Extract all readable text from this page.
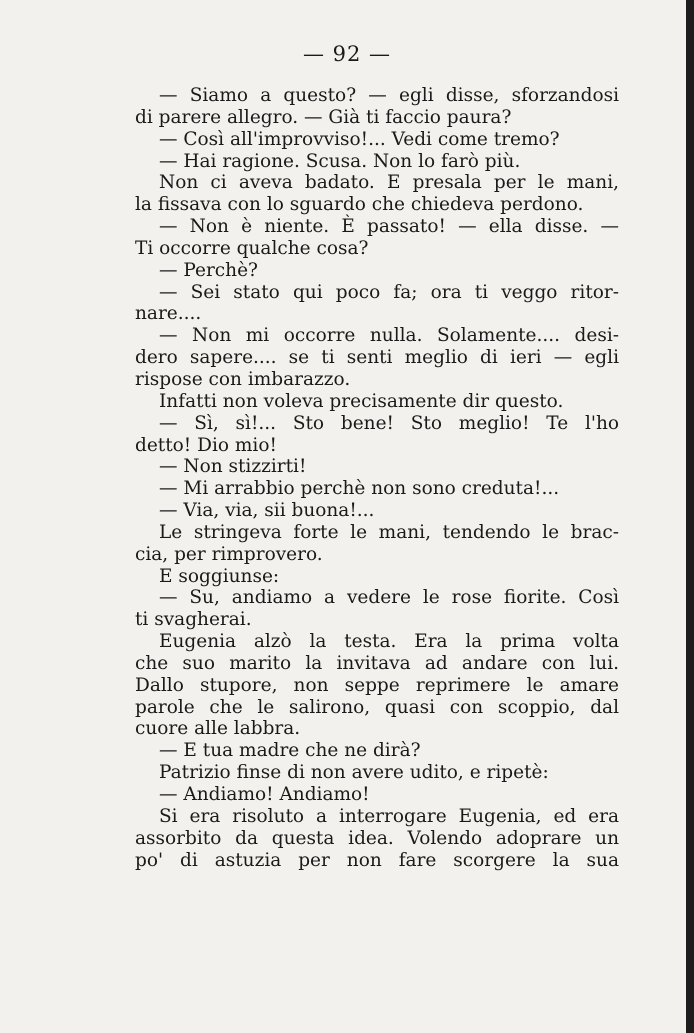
— 92 —
— Siamo a questo? — egli disse, sforzandosi
di parere allegro. — Già ti faccio paura?
— Così all'improvviso!... Vedi come tremo?
— Hai ragione. Scusa. Non lo farò più.
Non ci aveva badato. E presala per le mani,
la fissava con lo sguardo che chiedeva perdono.
— Non è niente. È passato! — ella disse. —
Ti occorre qualche cosa?
— Perchè?
— Sei stato qui poco fa; ora ti veggo ritor-
nare....
— Non mi occorre nulla. Solamente.... desi-
dero sapere.... se ti senti meglio di ieri — egli
rispose con imbarazzo.
Infatti non voleva precisamente dir questo.
— Sì, sì!... Sto bene! Sto meglio! Te l'ho
detto! Dio mio!
— Non stizzirti!
— Mi arrabbio perchè non sono creduta!...
— Via, via, sii buona!...
Le stringeva forte le mani, tendendo le brac-
cia, per rimprovero.
E soggiunse:
— Su, andiamo a vedere le rose fiorite. Così
ti svagherai.
Eugenia alzò la testa. Era la prima volta
che suo marito la invitava ad andare con lui.
Dallo stupore, non seppe reprimere le amare
parole che le salirono, quasi con scoppio, dal
cuore alle labbra.
— E tua madre che ne dirà?
Patrizio finse di non avere udito, e ripetè:
— Andiamo! Andiamo!
Si era risoluto a interrogare Eugenia, ed era
assorbito da questa idea. Volendo adoprare un
po' di astuzia per non fare scorgere la sua
